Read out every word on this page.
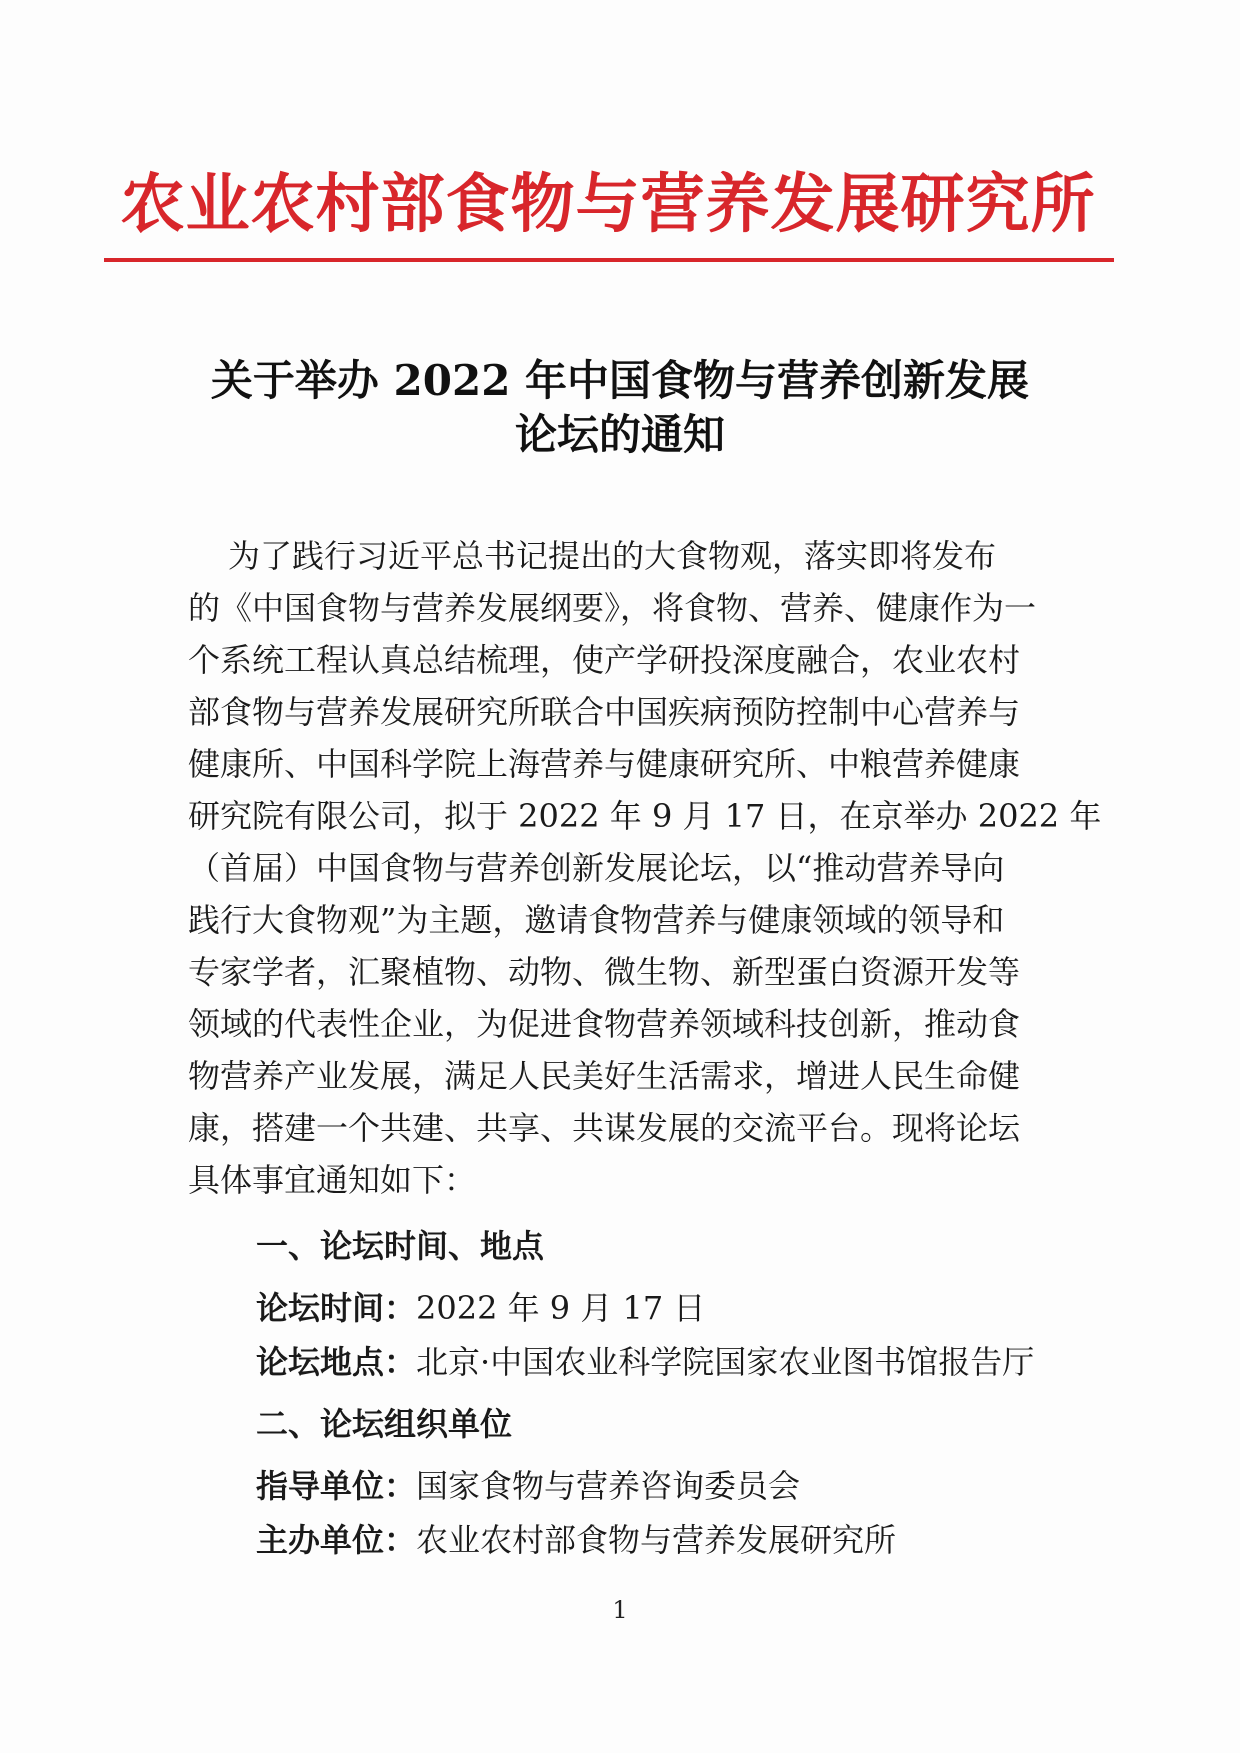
农业农村部食物与营养发展研究所
关于举办 2022 年中国食物与营养创新发展
论坛的通知
为了践行习近平总书记提出的大食物观，落实即将发布
的《中国食物与营养发展纲要》，将食物、营养、健康作为一
个系统工程认真总结梳理，使产学研投深度融合，农业农村
部食物与营养发展研究所联合中国疾病预防控制中心营养与
健康所、中国科学院上海营养与健康研究所、中粮营养健康
研究院有限公司，拟于 2022 年 9 月 17 日，在京举办 2022 年
（首届）中国食物与营养创新发展论坛，以“推动营养导向
践行大食物观”为主题，邀请食物营养与健康领域的领导和
专家学者，汇聚植物、动物、微生物、新型蛋白资源开发等
领域的代表性企业，为促进食物营养领域科技创新，推动食
物营养产业发展，满足人民美好生活需求，增进人民生命健
康，搭建一个共建、共享、共谋发展的交流平台。现将论坛
具体事宜通知如下：
一、论坛时间、地点
论坛时间：2022 年 9 月 17 日
论坛地点：北京·中国农业科学院国家农业图书馆报告厅
二、论坛组织单位
指导单位：国家食物与营养咨询委员会
主办单位：农业农村部食物与营养发展研究所
1
